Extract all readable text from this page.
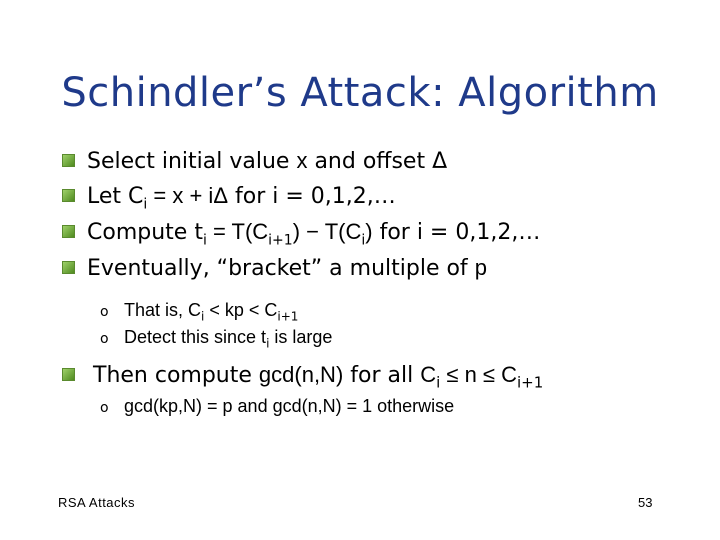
Schindler’s Attack: Algorithm
Select initial value x and offset Δ
Let $C_i = x + i\Delta$ for i = 0,1,2,…
Compute $t_i = T(C_{i+1}) - T(C_i)$ for i = 0,1,2,…
Eventually, “bracket” a multiple of p
o That is, $C_i$ < kp < $C_{i+1}$
o Detect this since $t_i$ is large
Then compute gcd(n,N) for all $C_i \le n \le C_{i+1}$
o gcd(kp,N) = p and gcd(n,N) = 1 otherwise
RSA Attacks	53
